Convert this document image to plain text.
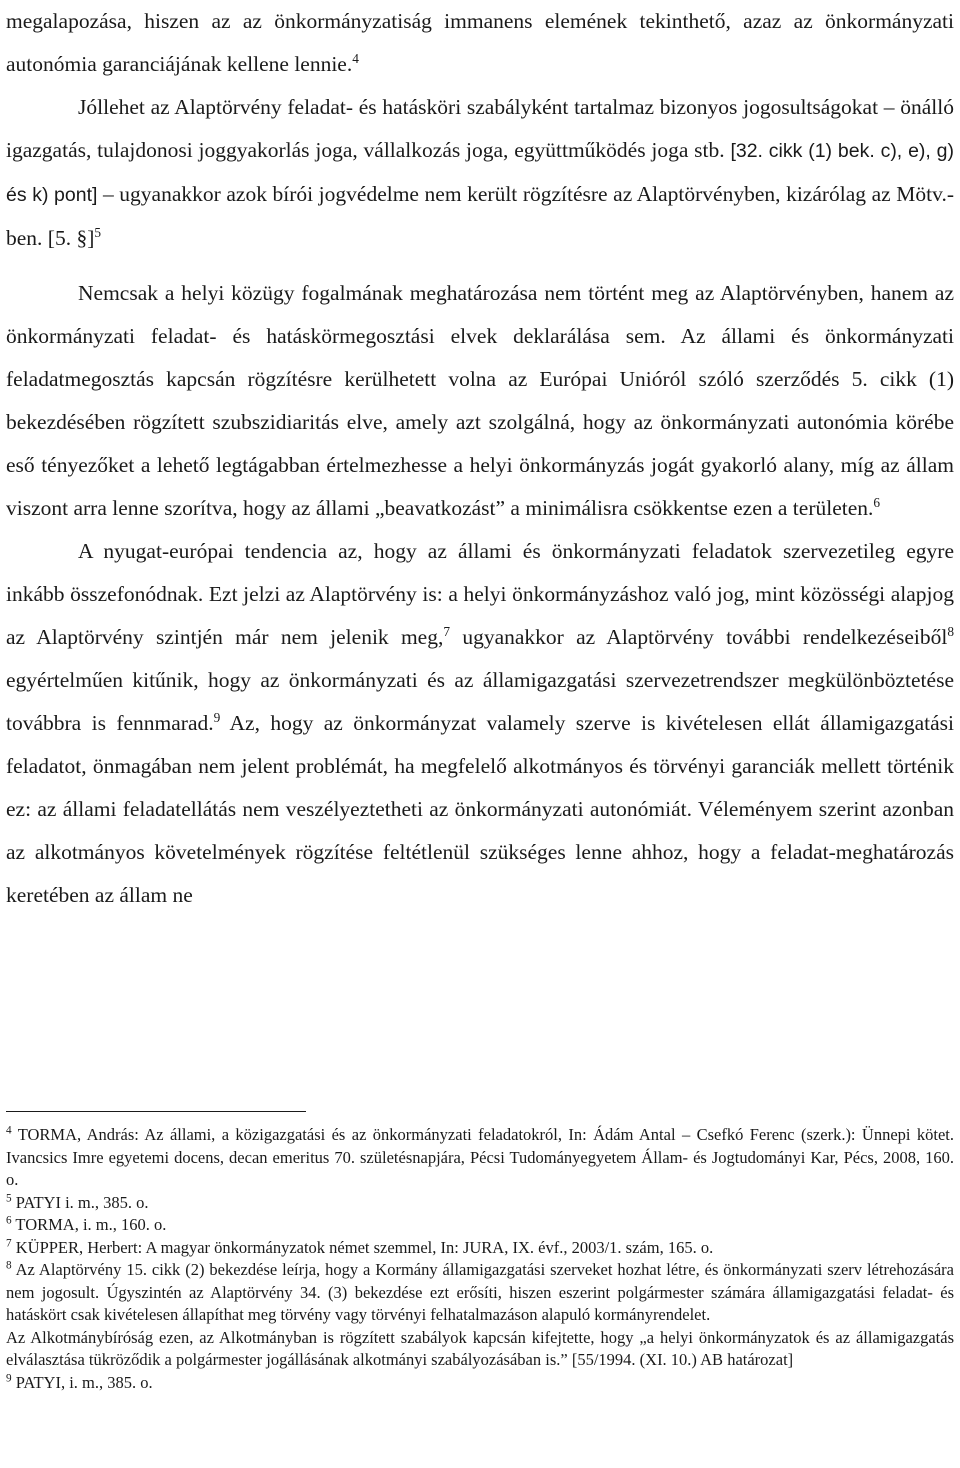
megalapozása, hiszen az az önkormányzatiság immanens elemének tekinthető, azaz az önkormányzati autonómia garanciájának kellene lennie.$^4$

Jóllehet az Alaptörvény feladat- és hatásköri szabályként tartalmaz bizonyos jogosultságokat – önálló igazgatás, tulajdonosi joggyakorlás joga, vállalkozás joga, együttműködés joga stb. [32. cikk (1) bek. c), e), g) és k) pont] – ugyanakkor azok bírói jogvédelme nem került rögzítésre az Alaptörvényben, kizárólag az Mötv.-ben. [5. §]$^5$

Nemcsak a helyi közügy fogalmának meghatározása nem történt meg az Alaptörvényben, hanem az önkormányzati feladat- és hatáskörmegosztási elvek deklarálása sem. Az állami és önkormányzati feladatmegosztás kapcsán rögzítésre kerülhetett volna az Európai Unióról szóló szerződés 5. cikk (1) bekezdésében rögzített szubszidiaritás elve, amely azt szolgálná, hogy az önkormányzati autonómia körébe eső tényezőket a lehető legtágabban értelmezhesse a helyi önkormányzás jogát gyakorló alany, míg az állam viszont arra lenne szorítva, hogy az állami „beavatkozást” a minimálisra csökkentse ezen a területen.$^6$

A nyugat-európai tendencia az, hogy az állami és önkormányzati feladatok szervezetileg egyre inkább összefonódnak. Ezt jelzi az Alaptörvény is: a helyi önkormányzáshoz való jog, mint közösségi alapjog az Alaptörvény szintjén már nem jelenik meg,$^7$ ugyanakkor az Alaptörvény további rendelkezéseiből$^8$ egyértelműen kitűnik, hogy az önkormányzati és az államigazgatási szervezetrendszer megkülönböztetése továbbra is fennmarad.$^9$ Az, hogy az önkormányzat valamely szerve is kivételesen ellát államigazgatási feladatot, önmagában nem jelent problémát, ha megfelelő alkotmányos és törvényi garanciák mellett történik ez: az állami feladatellátás nem veszélyeztetheti az önkormányzati autonómiát. Véleményem szerint azonban az alkotmányos követelmények rögzítése feltétlenül szükséges lenne ahhoz, hogy a feladat-meghatározás keretében az állam ne

$^4$ TORMA, András: Az állami, a közigazgatási és az önkormányzati feladatokról, In: Ádám Antal – Csefkó Ferenc (szerk.): Ünnepi kötet. Ivancsics Imre egyetemi docens, decan emeritus 70. születésnapjára, Pécsi Tudományegyetem Állam- és Jogtudományi Kar, Pécs, 2008, 160. o.

$^5$ PATYI i. m., 385. o.

$^6$ TORMA, i. m., 160. o.

$^7$ KÜPPER, Herbert: A magyar önkormányzatok német szemmel, In: JURA, IX. évf., 2003/1. szám, 165. o.

$^8$ Az Alaptörvény 15. cikk (2) bekezdése leírja, hogy a Kormány államigazgatási szerveket hozhat létre, és önkormányzati szerv létrehozására nem jogosult. Úgyszintén az Alaptörvény 34. (3) bekezdése ezt erősíti, hiszen eszerint polgármester számára államigazgatási feladat- és hatáskört csak kivételesen állapíthat meg törvény vagy törvényi felhatalmazáson alapuló kormányrendelet.

Az Alkotmánybíróság ezen, az Alkotmányban is rögzített szabályok kapcsán kifejtette, hogy „a helyi önkormányzatok és az államigazgatás elválasztása tükröződik a polgármester jogállásának alkotmányi szabályozásában is.” [55/1994. (XI. 10.) AB határozat]

$^9$ PATYI, i. m., 385. o.
